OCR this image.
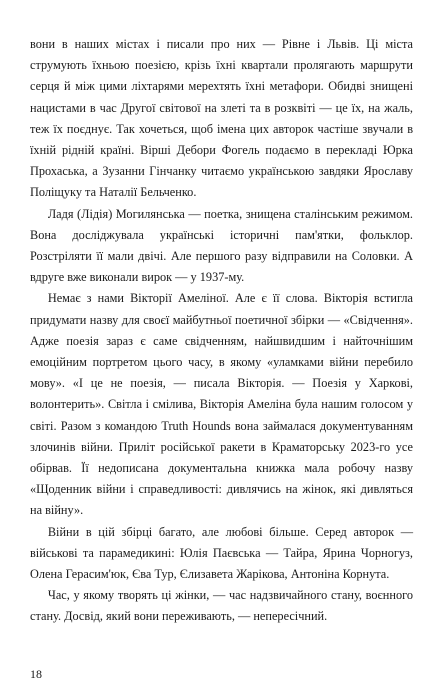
вони в наших містах і писали про них — Рівне і Львів. Ці міста струмують їхньою поезією, крізь їхні квартали пролягають маршрути серця й між цими ліхтарями мерехтять їхні метафори. Обидві знищені нацистами в час Другої світової на злеті та в розквіті — це їх, на жаль, теж їх поєднує. Так хочеться, щоб імена цих авторок частіше звучали в їхній рідній країні. Вірші Дебори Фогель подаємо в перекладі Юрка Прохаська, а Зузанни Гінчанку читаємо українською завдяки Ярославу Поліщуку та Наталії Бельченко.

Ладя (Лідія) Могилянська — поетка, знищена сталінським режимом. Вона досліджувала українські історичні пам'ятки, фольклор. Розстріляти її мали двічі. Але першого разу відправили на Соловки. А вдруге вже виконали вирок — у 1937-му.

Немає з нами Вікторії Амеліної. Але є її слова. Вікторія встигла придумати назву для своєї майбутньої поетичної збірки — «Свідчення». Адже поезія зараз є саме свідченням, найшвидшим і найточнішим емоційним портретом цього часу, в якому «уламками війни перебило мову». «І це не поезія, — писала Вікторія. — Поезія у Харкові, волонтерить». Світла і смілива, Вікторія Амеліна була нашим голосом у світі. Разом з командою Truth Hounds вона займалася документуванням злочинів війни. Приліт російської ракети в Краматорську 2023-го усе обірвав. Її недописана документальна книжка мала робочу назву «Щоденник війни і справедливості: дивлячись на жінок, які дивляться на війну».

Війни в цій збірці багато, але любові більше. Серед авторок — військові та парамедикині: Юлія Паєвська — Тайра, Ярина Чорногуз, Олена Герасим'юк, Єва Тур, Єлизавета Жарікова, Антоніна Корнута.

Час, у якому творять ці жінки, — час надзвичайного стану, воєнного стану. Досвід, який вони переживають, — непересічний.

18
